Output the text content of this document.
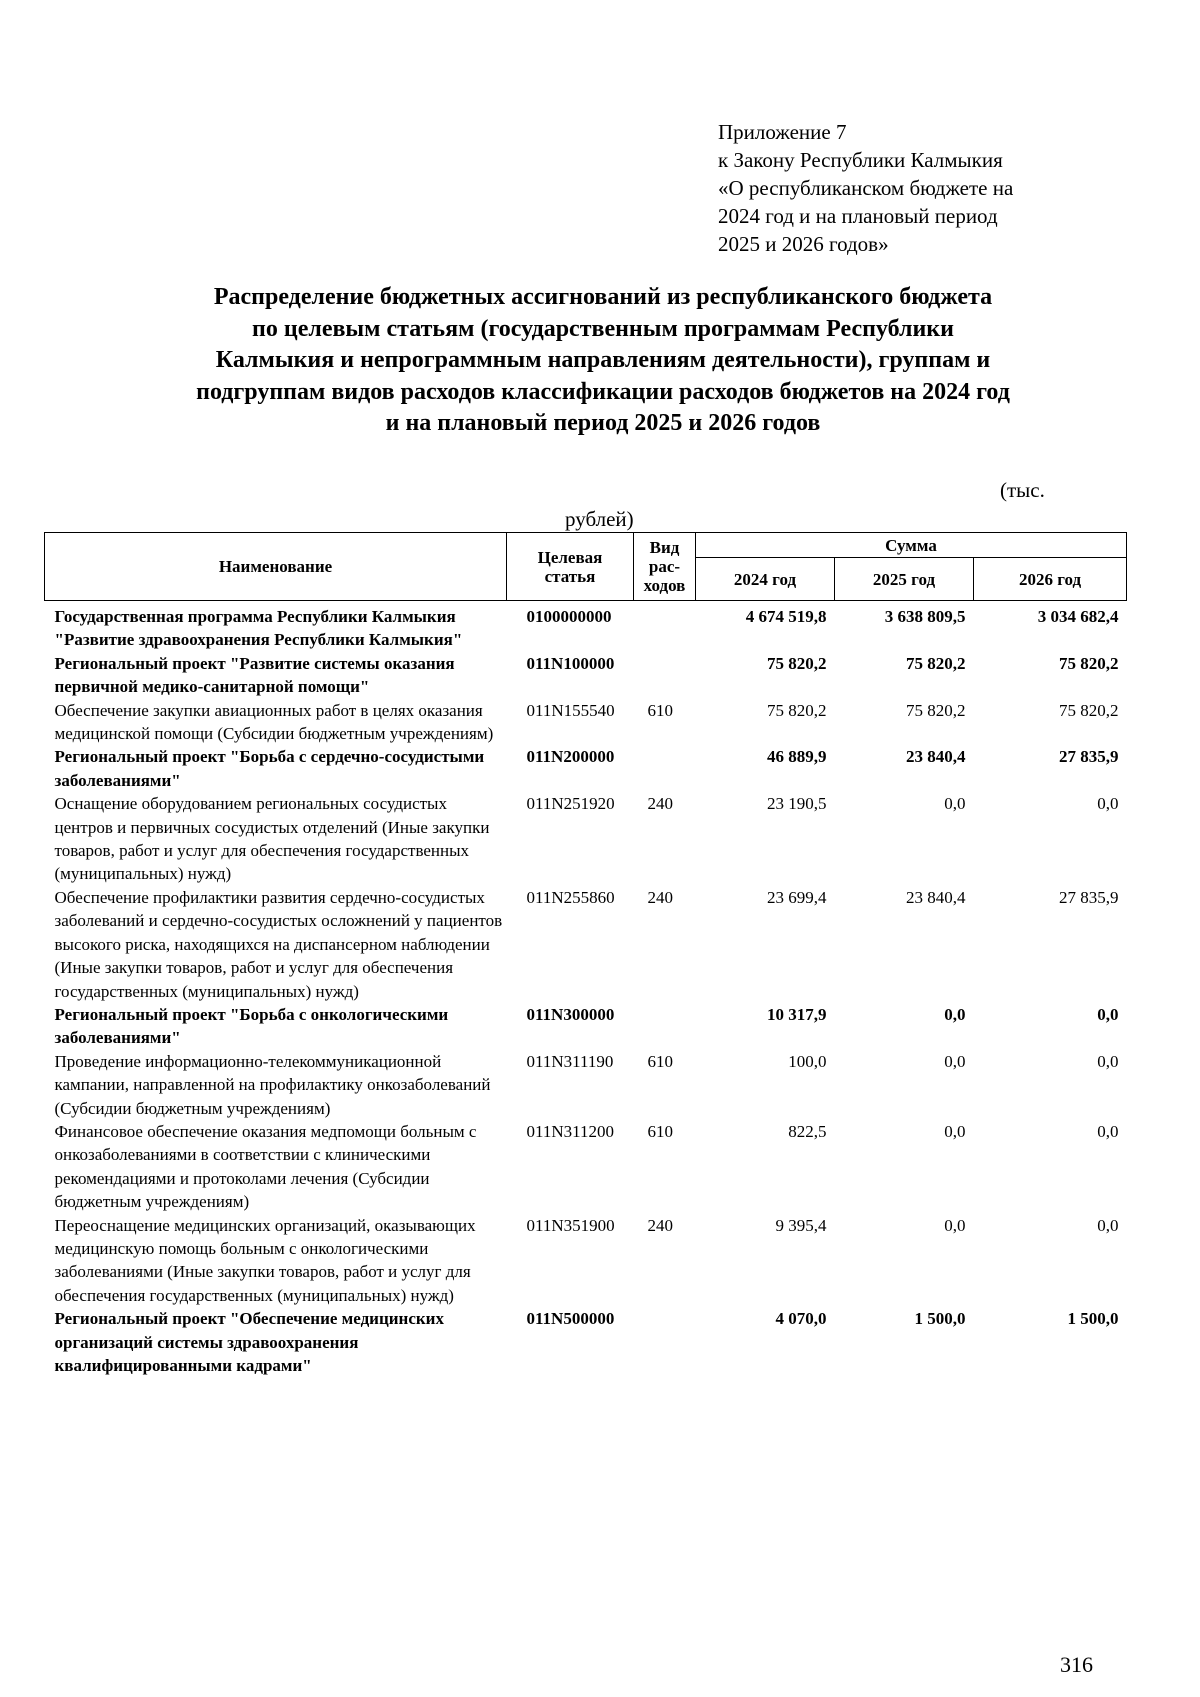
Приложение 7
к Закону Республики Калмыкия
«О республиканском бюджете на
2024 год и на плановый период
2025 и 2026 годов»
Распределение бюджетных ассигнований из республиканского бюджета
по целевым статьям (государственным программам Республики
Калмыкия и непрограммным направлениям деятельности), группам и
подгруппам видов расходов классификации расходов бюджетов на 2024 год
и на плановый период 2025 и 2026 годов
(тыс.
рублей)
Наименование	Целевая статья	Вид рас-ходов	Сумма		
			2024 год	2025 год	2026 год
Государственная программа Республики Калмыкия "Развитие здравоохранения Республики Калмыкия"	0100000000		4 674 519,8	3 638 809,5	3 034 682,4
Региональный проект "Развитие системы оказания первичной медико-санитарной помощи"	011N100000		75 820,2	75 820,2	75 820,2
Обеспечение закупки авиационных работ в целях оказания медицинской помощи (Субсидии бюджетным учреждениям)	011N155540	610	75 820,2	75 820,2	75 820,2
Региональный проект "Борьба с сердечно-сосудистыми заболеваниями"	011N200000		46 889,9	23 840,4	27 835,9
Оснащение оборудованием региональных сосудистых центров и первичных сосудистых отделений (Иные закупки товаров, работ и услуг для обеспечения государственных (муниципальных) нужд)	011N251920	240	23 190,5	0,0	0,0
Обеспечение профилактики развития сердечно-сосудистых заболеваний и сердечно-сосудистых осложнений у пациентов высокого риска, находящихся на диспансерном наблюдении (Иные закупки товаров, работ и услуг для обеспечения государственных (муниципальных) нужд)	011N255860	240	23 699,4	23 840,4	27 835,9
Региональный проект "Борьба с онкологическими заболеваниями"	011N300000		10 317,9	0,0	0,0
Проведение информационно-телекоммуникационной кампании, направленной на профилактику онкозаболеваний (Субсидии бюджетным учреждениям)	011N311190	610	100,0	0,0	0,0
Финансовое обеспечение оказания медпомощи больным с онкозаболеваниями в соответствии с клиническими рекомендациями и протоколами лечения (Субсидии бюджетным учреждениям)	011N311200	610	822,5	0,0	0,0
Переоснащение медицинских организаций, оказывающих медицинскую помощь больным с онкологическими заболеваниями (Иные закупки товаров, работ и услуг для обеспечения государственных (муниципальных) нужд)	011N351900	240	9 395,4	0,0	0,0
Региональный проект "Обеспечение медицинских организаций системы здравоохранения квалифицированными кадрами"	011N500000		4 070,0	1 500,0	1 500,0
316
